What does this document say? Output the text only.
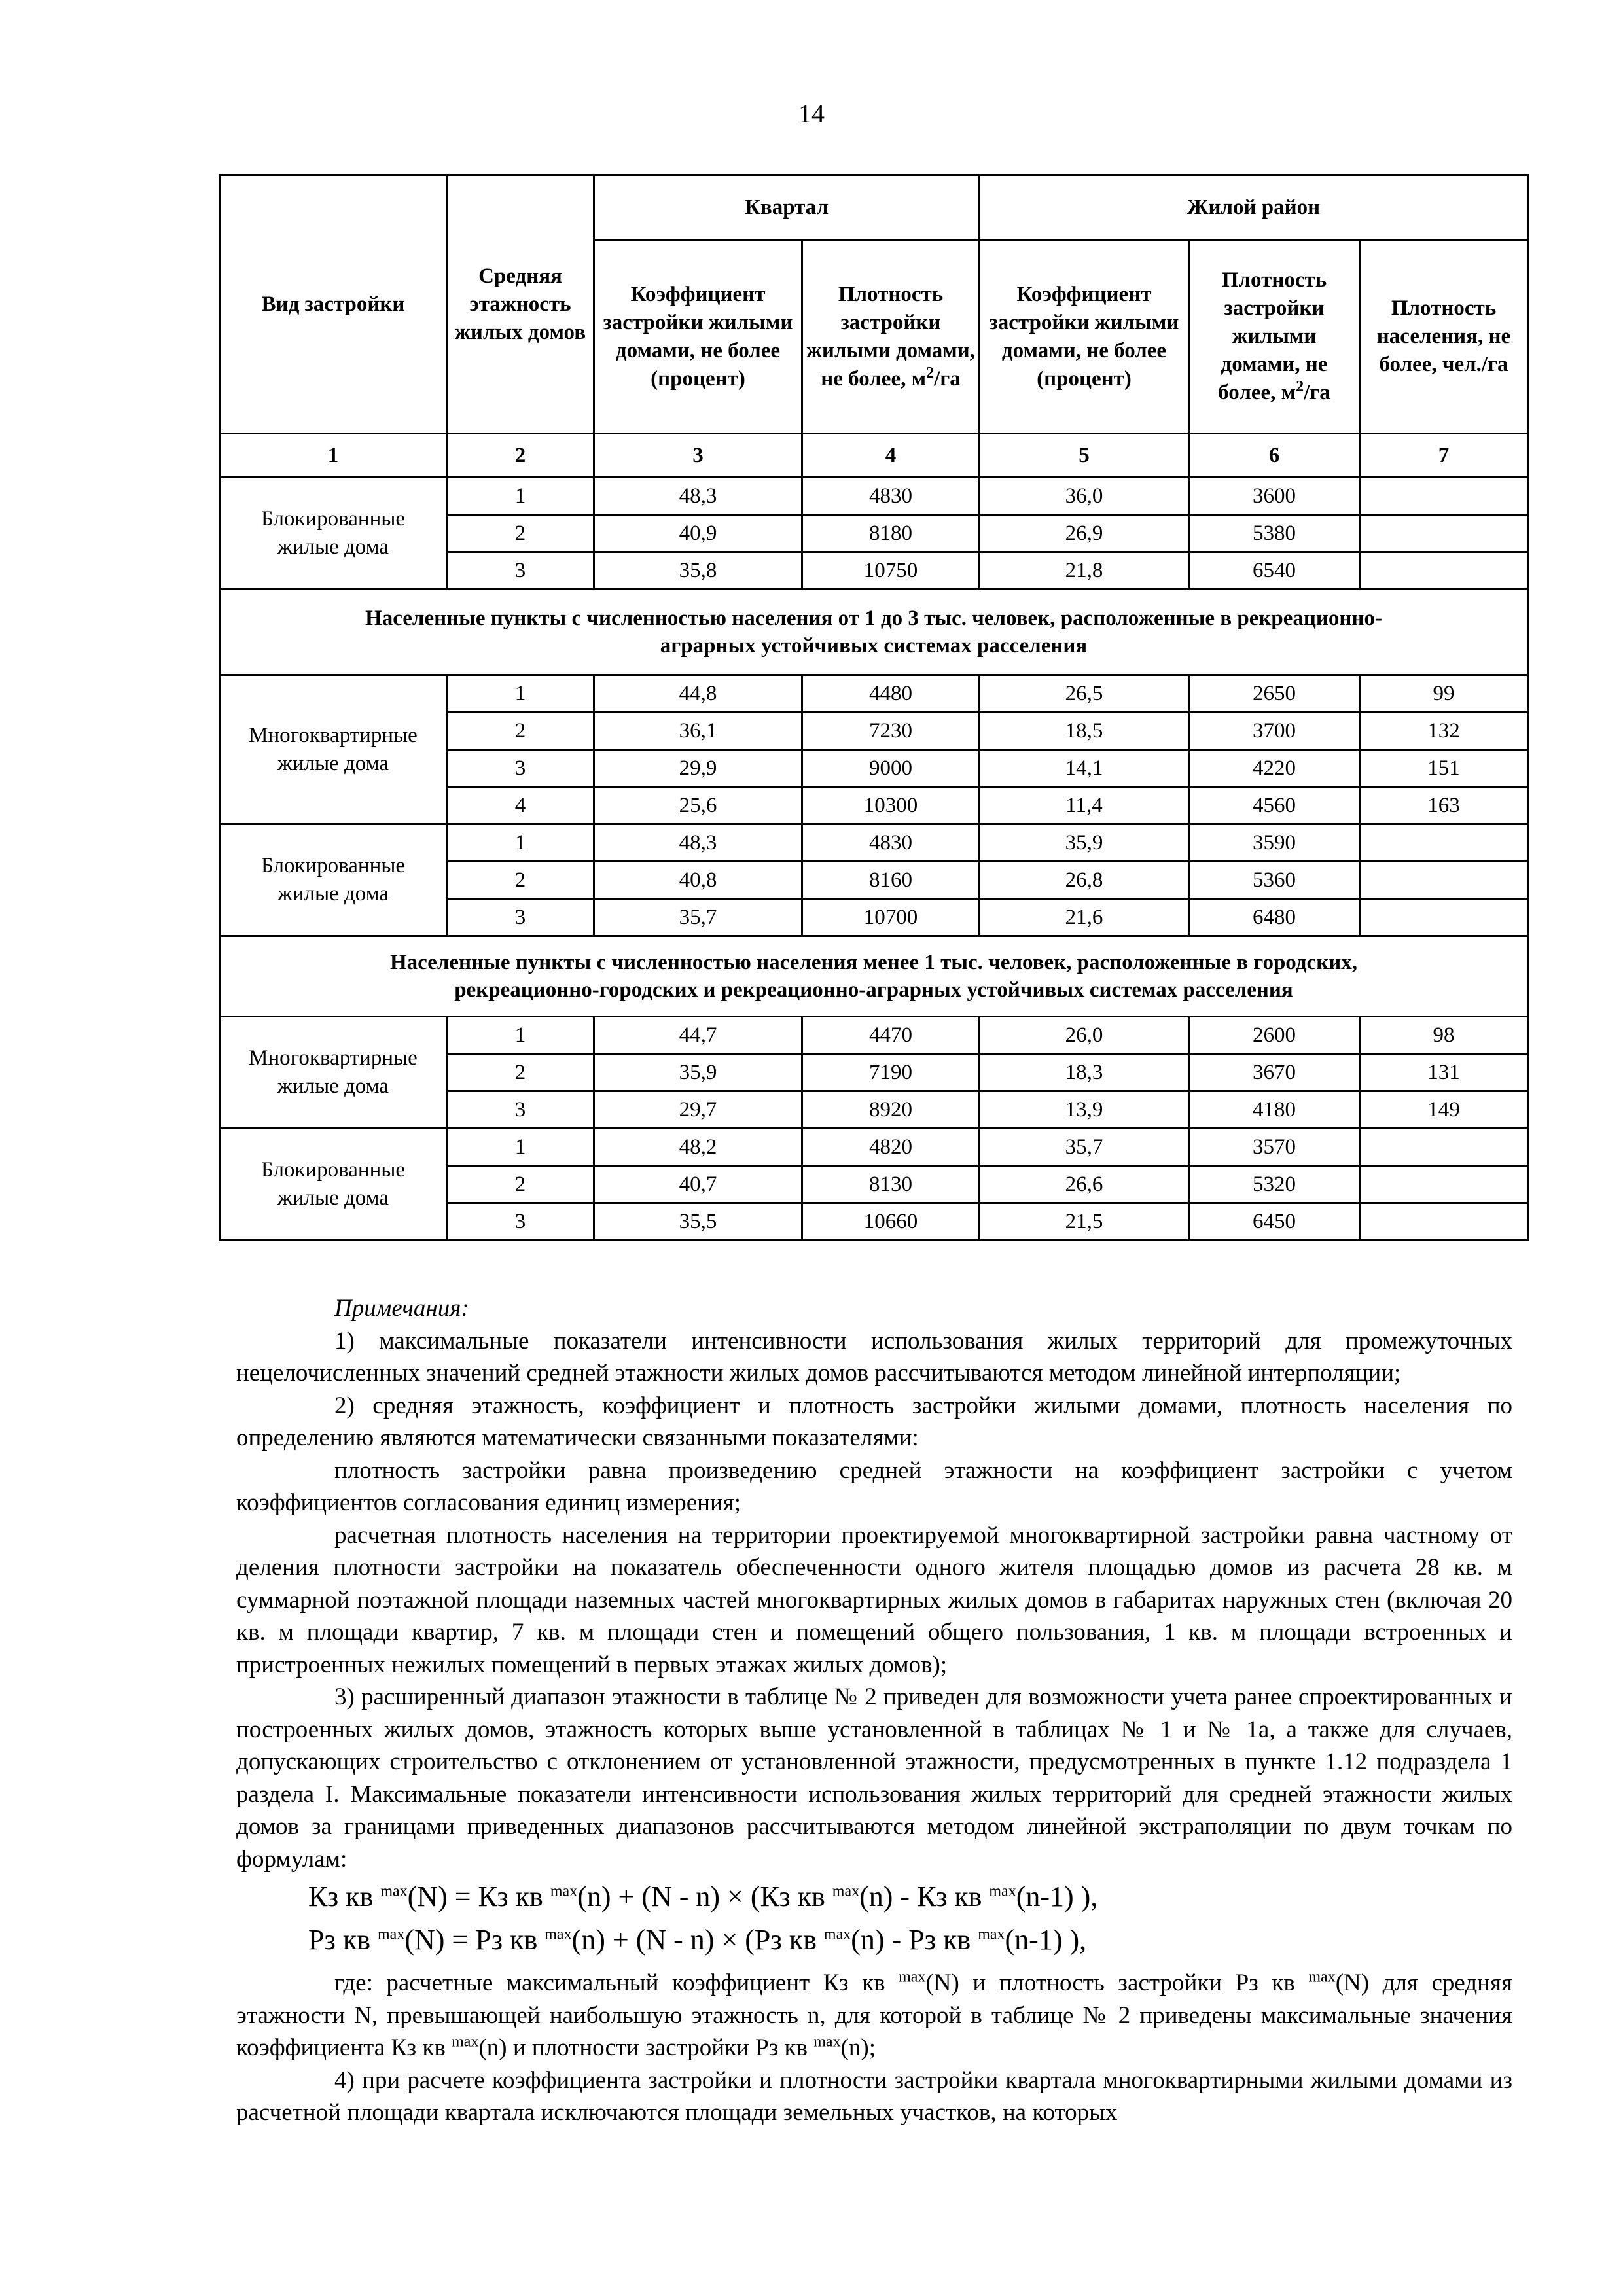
14
Вид застройки	Средняя этажность жилых домов	Квартал		Жилой район		
		Коэффициент застройки жилыми домами, не более (процент)	Плотность застройки жилыми домами, не более, $м^2/га$	Коэффициент застройки жилыми домами, не более (процент)	Плотность застройки жилыми домами, не более, $м^2/га$	Плотность населения, не более, чел./га
1	2	3	4	5	6	7
Блокированные жилые дома	1	48,3	4830	36,0	3600	
	2	40,9	8180	26,9	5380	
	3	35,8	10750	21,8	6540	
Населенные пункты с численностью населения от 1 до 3 тыс. человек, расположенные в рекреационно-аграрных устойчивых системах расселения						
Многоквартирные жилые дома	1	44,8	4480	26,5	2650	99
	2	36,1	7230	18,5	3700	132
	3	29,9	9000	14,1	4220	151
	4	25,6	10300	11,4	4560	163
Блокированные жилые дома	1	48,3	4830	35,9	3590	
	2	40,8	8160	26,8	5360	
	3	35,7	10700	21,6	6480	
Населенные пункты с численностью населения менее 1 тыс. человек, расположенные в городских, рекреационно-городских и рекреационно-аграрных устойчивых системах расселения						
Многоквартирные жилые дома	1	44,7	4470	26,0	2600	98
	2	35,9	7190	18,3	3670	131
	3	29,7	8920	13,9	4180	149
Блокированные жилые дома	1	48,2	4820	35,7	3570	
	2	40,7	8130	26,6	5320	
	3	35,5	10660	21,5	6450	

Примечания:

1) максимальные показатели интенсивности использования жилых территорий для промежуточных нецелочисленных значений средней этажности жилых домов рассчитываются методом линейной интерполяции;

2) средняя этажность, коэффициент и плотность застройки жилыми домами, плотность населения по определению являются математически связанными показателями:

плотность застройки равна произведению средней этажности на коэффициент застройки с учетом коэффициентов согласования единиц измерения;

расчетная плотность населения на территории проектируемой многоквартирной застройки равна частному от деления плотности застройки на показатель обеспеченности одного жителя площадью домов из расчета 28 кв. м суммарной поэтажной площади наземных частей многоквартирных жилых домов в габаритах наружных стен (включая 20 кв. м площади квартир, 7 кв. м площади стен и помещений общего пользования, 1 кв. м площади встроенных и пристроенных нежилых помещений в первых этажах жилых домов);

3) расширенный диапазон этажности в таблице № 2 приведен для возможности учета ранее спроектированных и построенных жилых домов, этажность которых выше установленной в таблицах № 1 и № 1а, а также для случаев, допускающих строительство с отклонением от установленной этажности, предусмотренных в пункте 1.12 подраздела 1 раздела I. Максимальные показатели интенсивности использования жилых территорий для средней этажности жилых домов за границами приведенных диапазонов рассчитываются методом линейной экстраполяции по двум точкам по формулам:

Кз кв $^{max}$(N) = Кз кв $^{max}$(n) + (N - n) × (Кз кв $^{max}$(n) - Кз кв $^{max}$(n-1) ),

Рз кв $^{max}$(N) = Рз кв $^{max}$(n) + (N - n) × (Рз кв $^{max}$(n) - Рз кв $^{max}$(n-1) ),

где: расчетные максимальный коэффициент Кз кв $^{max}$(N) и плотность застройки Рз кв $^{max}$(N) для средняя этажности N, превышающей наибольшую этажность n, для которой в таблице № 2 приведены максимальные значения коэффициента Кз кв $^{max}$(n) и плотности застройки Рз кв $^{max}$(n);

4) при расчете коэффициента застройки и плотности застройки квартала многоквартирными жилыми домами из расчетной площади квартала исключаются площади земельных участков, на которых
